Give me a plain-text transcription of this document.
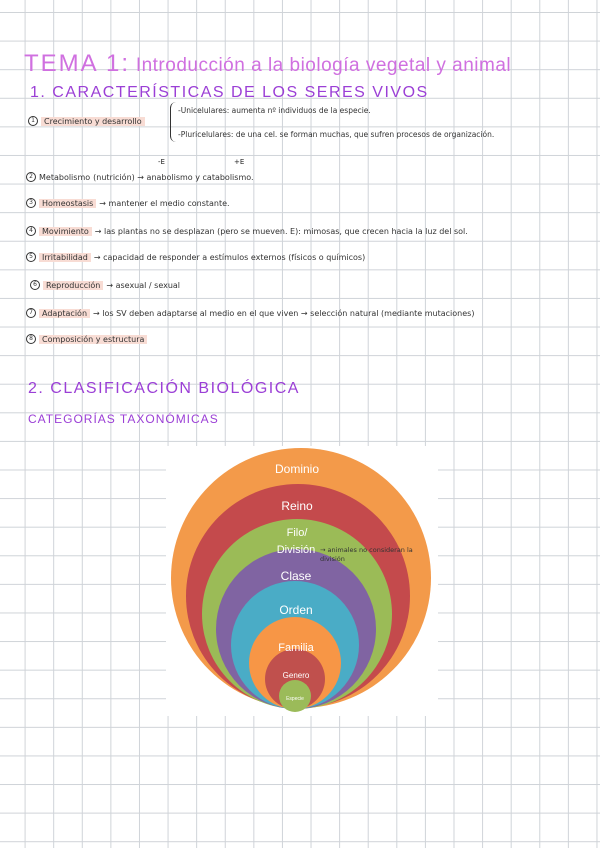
TEMA 1: Introducción a la biología vegetal y animal
1. CARACTERÍSTICAS DE LOS SERES VIVOS
1	Crecimiento y desarrollo
-Unicelulares: aumenta nº individuos de la especie.
-Pluricelulares: de una cel. se forman muchas, que sufren procesos de organización.
-E	+E
2 Metabolismo (nutrición) → anabolismo y catabolismo.
3	Homeostasis → mantener el medio constante.
4	Movimiento → las plantas no se desplazan (pero se mueven. E): mimosas, que crecen hacia la luz del sol.
5	Irritabilidad → capacidad de responder a estímulos externos (físicos o químicos)
6	Reproducción → asexual / sexual
7	Adaptación → los SV deben adaptarse al medio en el que viven → selección natural (mediante mutaciones)
8	Composición y estructura
2. CLASIFICACIÓN BIOLÓGICA
CATEGORÍAS TAXONÓMICAS
Dominio
Reino
Filo/
División
Clase
Orden
Familia
Genero
Especie
→ animales no consideran la división
